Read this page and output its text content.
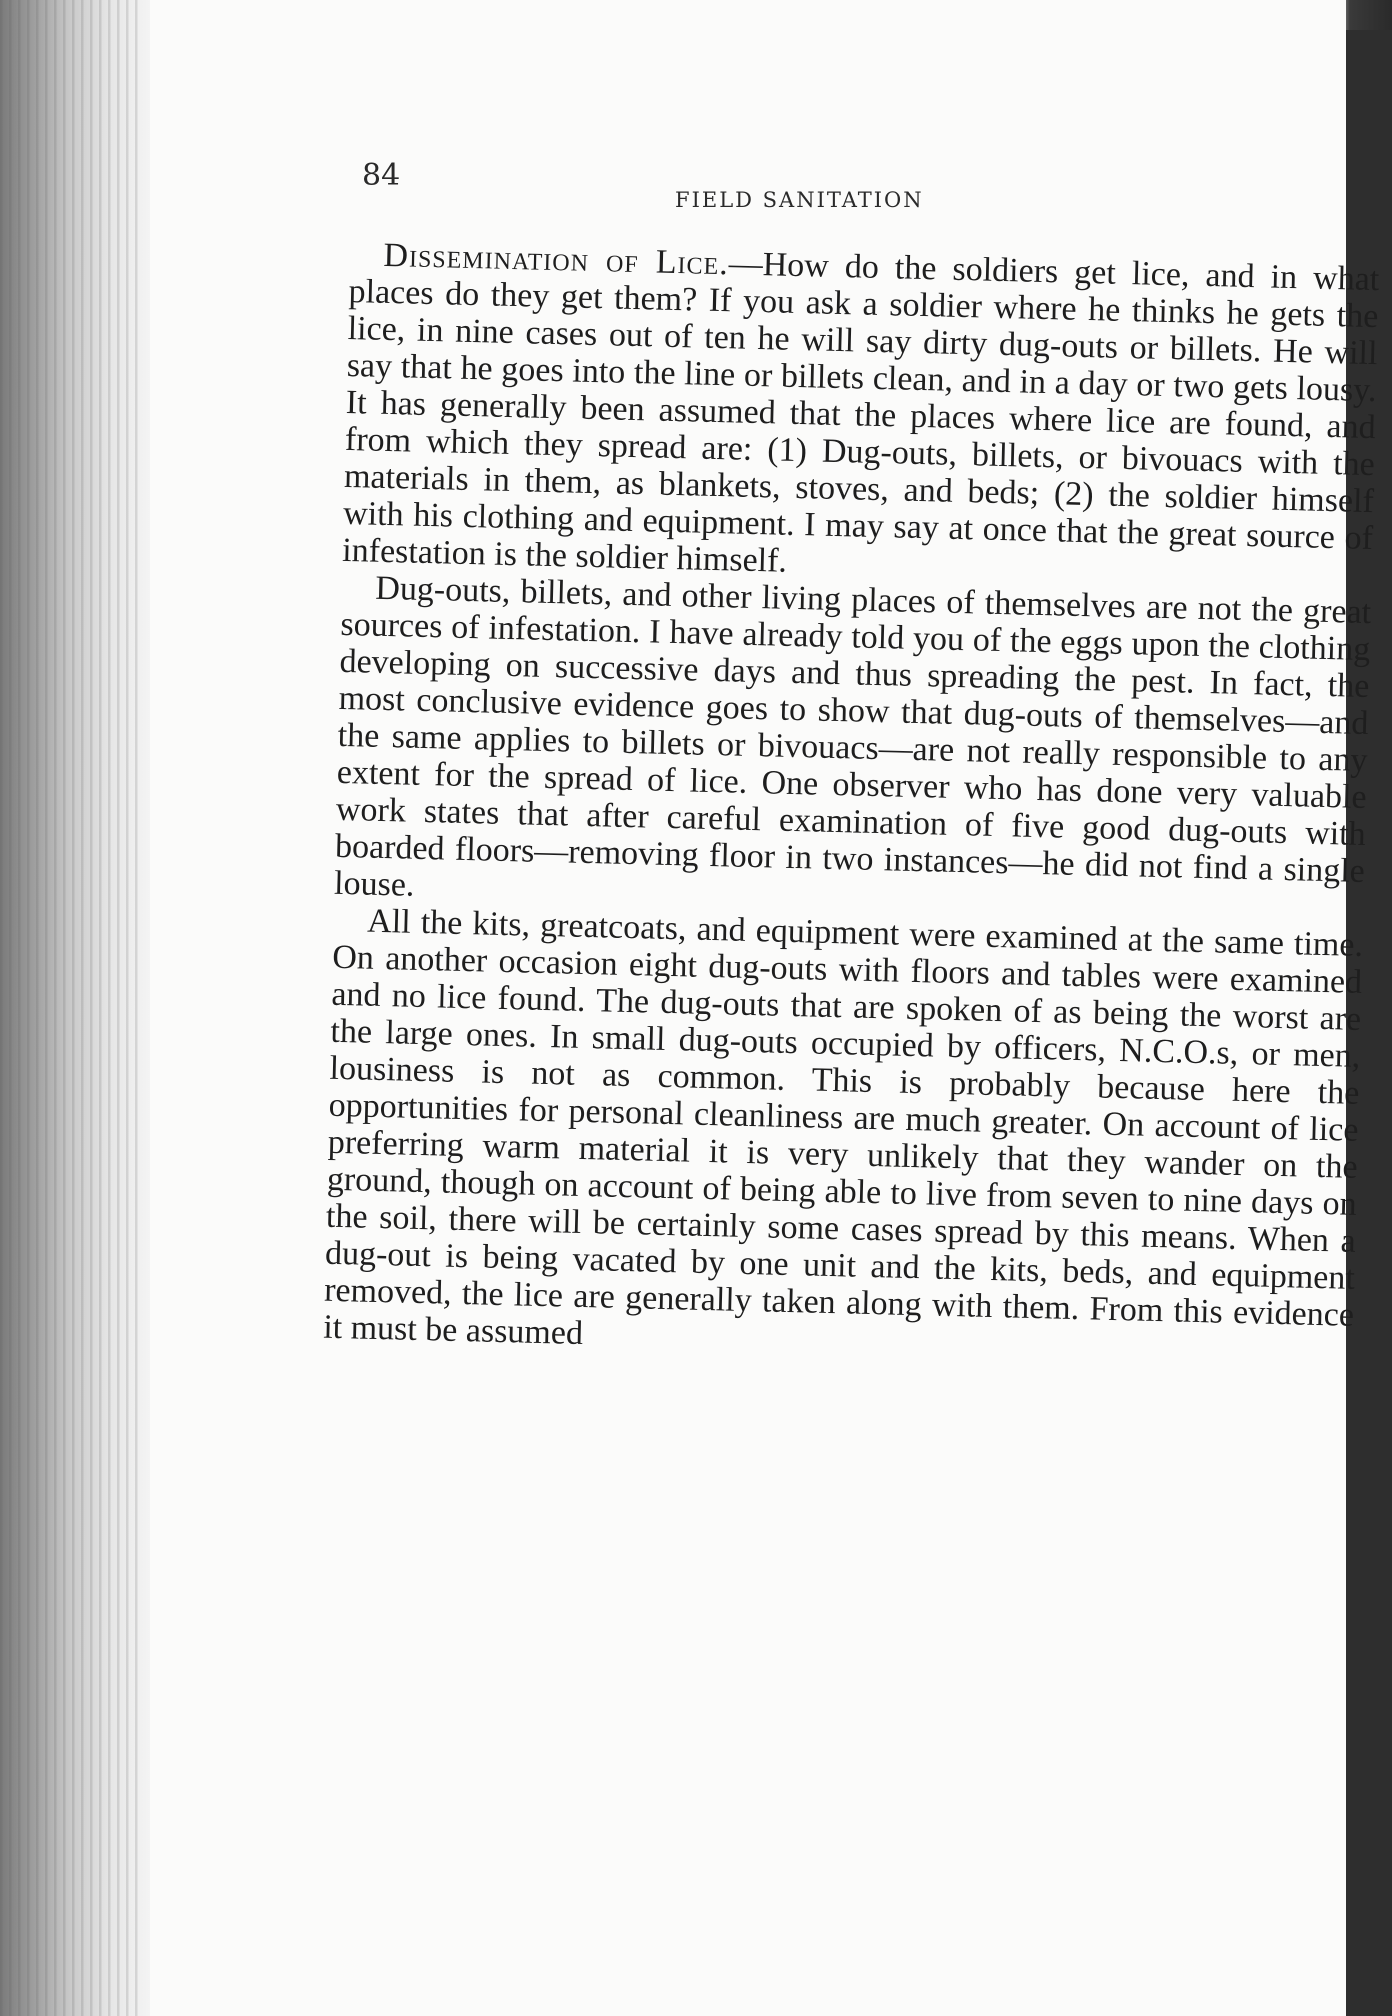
84
FIELD SANITATION

Dissemination of Lice.—How do the soldiers get lice, and in what places do they get them? If you ask a soldier where he thinks he gets the lice, in nine cases out of ten he will say dirty dug-outs or billets. He will say that he goes into the line or billets clean, and in a day or two gets lousy. It has generally been assumed that the places where lice are found, and from which they spread are: (1) Dug-outs, billets, or bivouacs with the materials in them, as blankets, stoves, and beds; (2) the soldier himself with his clothing and equipment. I may say at once that the great source of infestation is the soldier himself.

Dug-outs, billets, and other living places of themselves are not the great sources of infestation. I have already told you of the eggs upon the clothing developing on successive days and thus spreading the pest. In fact, the most conclusive evidence goes to show that dug-outs of themselves—and the same applies to billets or bivouacs—are not really responsible to any extent for the spread of lice. One observer who has done very valuable work states that after careful examination of five good dug-outs with boarded floors—removing floor in two instances—he did not find a single louse.

All the kits, greatcoats, and equipment were examined at the same time. On another occasion eight dug-outs with floors and tables were examined and no lice found. The dug-outs that are spoken of as being the worst are the large ones. In small dug-outs occupied by officers, N.C.O.s, or men, lousiness is not as common. This is probably because here the opportunities for personal cleanliness are much greater. On account of lice preferring warm material it is very unlikely that they wander on the ground, though on account of being able to live from seven to nine days on the soil, there will be certainly some cases spread by this means. When a dug-out is being vacated by one unit and the kits, beds, and equipment removed, the lice are generally taken along with them. From this evidence it must be assumed
